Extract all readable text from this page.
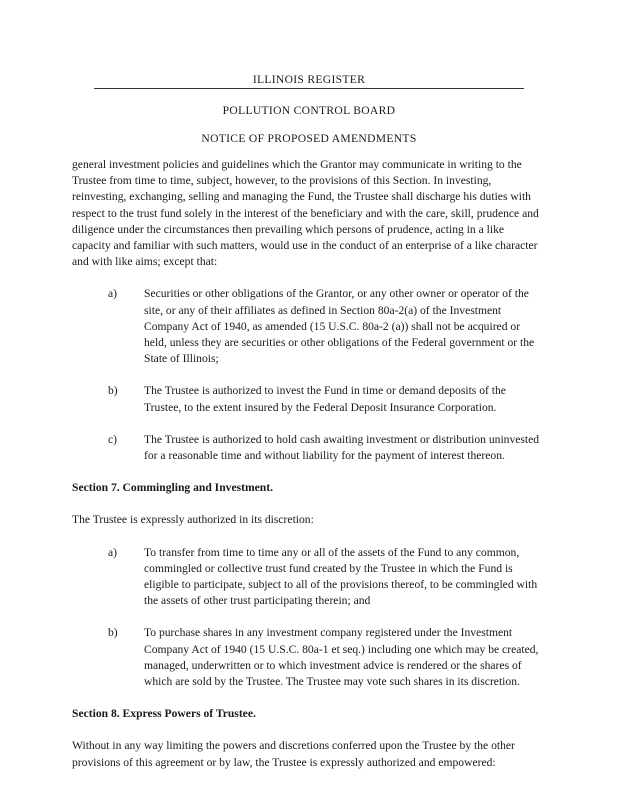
ILLINOIS REGISTER
POLLUTION CONTROL BOARD
NOTICE OF PROPOSED AMENDMENTS

general investment policies and guidelines which the Grantor may communicate in writing to the Trustee from time to time, subject, however, to the provisions of this Section. In investing, reinvesting, exchanging, selling and managing the Fund, the Trustee shall discharge his duties with respect to the trust fund solely in the interest of the beneficiary and with the care, skill, prudence and diligence under the circumstances then prevailing which persons of prudence, acting in a like capacity and familiar with such matters, would use in the conduct of an enterprise of a like character and with like aims; except that:

a)	Securities or other obligations of the Grantor, or any other owner or operator of the site, or any of their affiliates as defined in Section 80a-2(a) of the Investment Company Act of 1940, as amended (15 U.S.C. 80a-2 (a)) shall not be acquired or held, unless they are securities or other obligations of the Federal government or the State of Illinois;

b)	The Trustee is authorized to invest the Fund in time or demand deposits of the Trustee, to the extent insured by the Federal Deposit Insurance Corporation.

c)	The Trustee is authorized to hold cash awaiting investment or distribution uninvested for a reasonable time and without liability for the payment of interest thereon.

Section 7. Commingling and Investment.

The Trustee is expressly authorized in its discretion:

a)	To transfer from time to time any or all of the assets of the Fund to any common, commingled or collective trust fund created by the Trustee in which the Fund is eligible to participate, subject to all of the provisions thereof, to be commingled with the assets of other trust participating therein; and

b)	To purchase shares in any investment company registered under the Investment Company Act of 1940 (15 U.S.C. 80a-1 et seq.) including one which may be created, managed, underwritten or to which investment advice is rendered or the shares of which are sold by the Trustee. The Trustee may vote such shares in its discretion.

Section 8. Express Powers of Trustee.

Without in any way limiting the powers and discretions conferred upon the Trustee by the other provisions of this agreement or by law, the Trustee is expressly authorized and empowered:
